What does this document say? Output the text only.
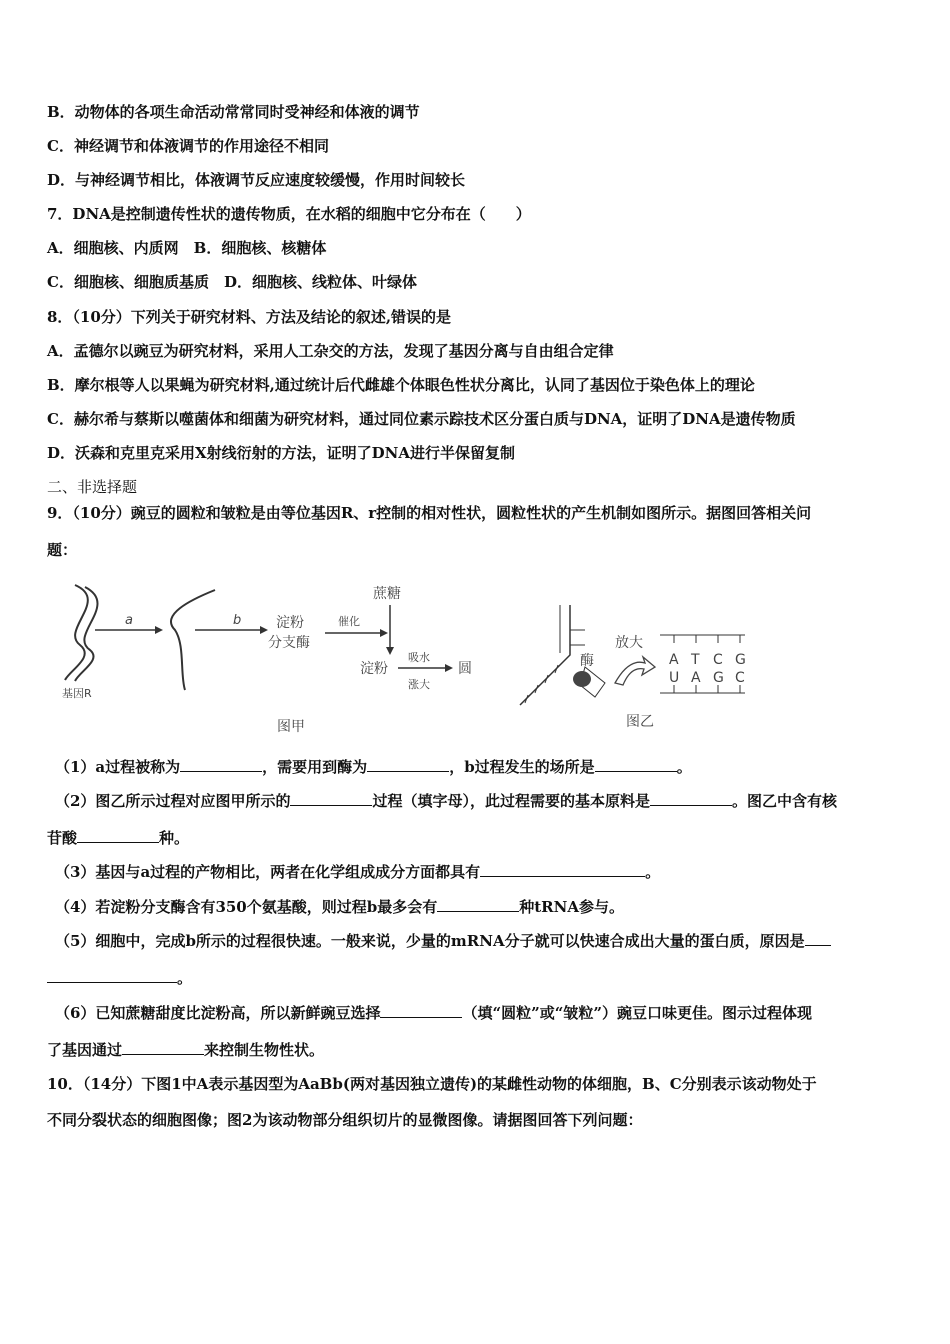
B．动物体的各项生命活动常常同时受神经和体液的调节
C．神经调节和体液调节的作用途径不相同
D．与神经调节相比，体液调节反应速度较缓慢，作用时间较长
7．DNA是控制遗传性状的遗传物质，在水稻的细胞中它分布在（　　）
A．细胞核、内质网　B．细胞核、核糖体
C．细胞核、细胞质基质　D．细胞核、线粒体、叶绿体
8．（10分）下列关于研究材料、方法及结论的叙述,错误的是
A．孟德尔以豌豆为研究材料，采用人工杂交的方法，发现了基因分离与自由组合定律
B．摩尔根等人以果蝇为研究材料,通过统计后代雌雄个体眼色性状分离比，认同了基因位于染色体上的理论
C．赫尔希与蔡斯以噬菌体和细菌为研究材料，通过同位素示踪技术区分蛋白质与DNA，证明了DNA是遗传物质
D．沃森和克里克采用X射线衍射的方法，证明了DNA进行半保留复制
二、非选择题
9．（10分）豌豆的圆粒和皱粒是由等位基因R、r控制的相对性状，圆粒性状的产生机制如图所示。据图回答相关问
题：
基因R
a	b 淀粉
分支酶
催化
蔗糖
淀粉
吸水
涨大
圆
图甲
酶
放大
A T C G
U A G C
图乙
（1）a过程被称为	，需要用到酶为	，b过程发生的场所是	。
（2）图乙所示过程对应图甲所示的	过程（填字母），此过程需要的基本原料是	。图乙中含有核
苷酸	种。
（3）基因与a过程的产物相比，两者在化学组成成分方面都具有	。
（4）若淀粉分支酶含有350个氨基酸，则过程b最多会有	种tRNA参与。
（5）细胞中，完成b所示的过程很快速。一般来说，少量的mRNA分子就可以快速合成出大量的蛋白质，原因是
。
（6）已知蔗糖甜度比淀粉高，所以新鲜豌豆选择	（填“圆粒”或“皱粒”）豌豆口味更佳。图示过程体现
了基因通过	来控制生物性状。
10．（14分）下图1中A表示基因型为AaBb(两对基因独立遗传)的某雌性动物的体细胞，B、C分别表示该动物处于
不同分裂状态的细胞图像；图2为该动物部分组织切片的显微图像。请据图回答下列问题：
